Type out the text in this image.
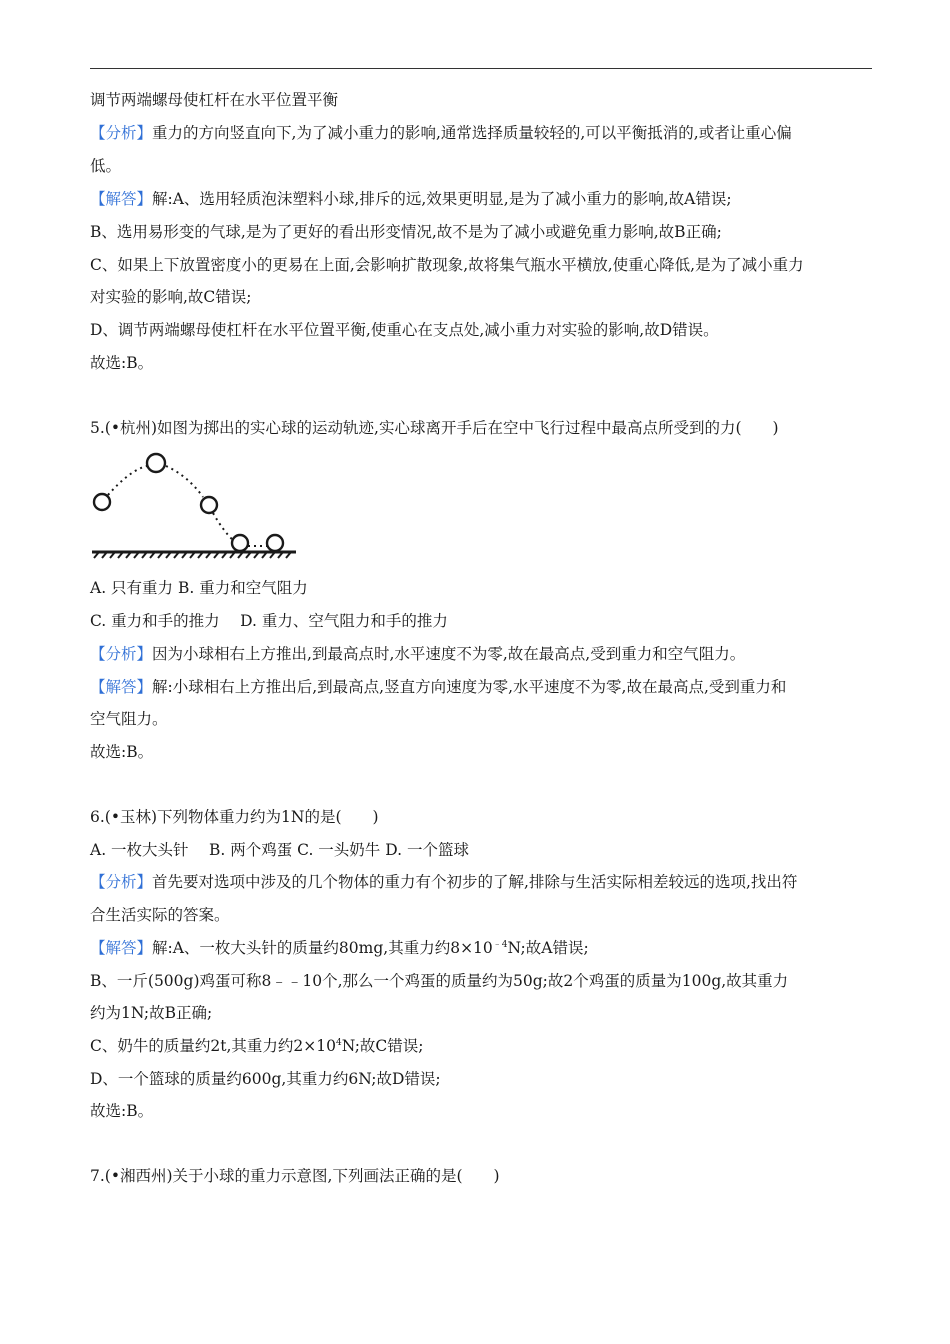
调节两端螺母使杠杆在水平位置平衡
【分析】重力的方向竖直向下,为了减小重力的影响,通常选择质量较轻的,可以平衡抵消的,或者让重心偏
低。
【解答】解:A、选用轻质泡沫塑料小球,排斥的远,效果更明显,是为了减小重力的影响,故A错误;
B、选用易形变的气球,是为了更好的看出形变情况,故不是为了减小或避免重力影响,故B正确;
C、如果上下放置密度小的更易在上面,会影响扩散现象,故将集气瓶水平横放,使重心降低,是为了减小重力
对实验的影响,故C错误;
D、调节两端螺母使杠杆在水平位置平衡,使重心在支点处,减小重力对实验的影响,故D错误。
故选:B。
5.(•杭州)如图为掷出的实心球的运动轨迹,实心球离开手后在空中飞行过程中最高点所受到的力(　　)
A. 只有重力 B. 重力和空气阻力
C. 重力和手的推力　 D. 重力、空气阻力和手的推力
【分析】因为小球相右上方推出,到最高点时,水平速度不为零,故在最高点,受到重力和空气阻力。
【解答】解:小球相右上方推出后,到最高点,竖直方向速度为零,水平速度不为零,故在最高点,受到重力和
空气阻力。
故选:B。
6.(•玉林)下列物体重力约为1N的是(　　)
A. 一枚大头针　 B. 两个鸡蛋 C. 一头奶牛 D. 一个篮球
【分析】首先要对选项中涉及的几个物体的重力有个初步的了解,排除与生活实际相差较远的选项,找出符
合生活实际的答案。
【解答】解:A、一枚大头针的质量约80mg,其重力约$8\times 10^{﹣4}N$;故A错误;
B、一斤(500g)鸡蛋可称8﹣﹣10个,那么一个鸡蛋的质量约为50g;故2个鸡蛋的质量为100g,故其重力
约为1N;故B正确;
C、奶牛的质量约2t,其重力约$2\times 10^4N$;故C错误;
D、一个篮球的质量约600g,其重力约6N;故D错误;
故选:B。
7.(•湘西州)关于小球的重力示意图,下列画法正确的是(　　)
